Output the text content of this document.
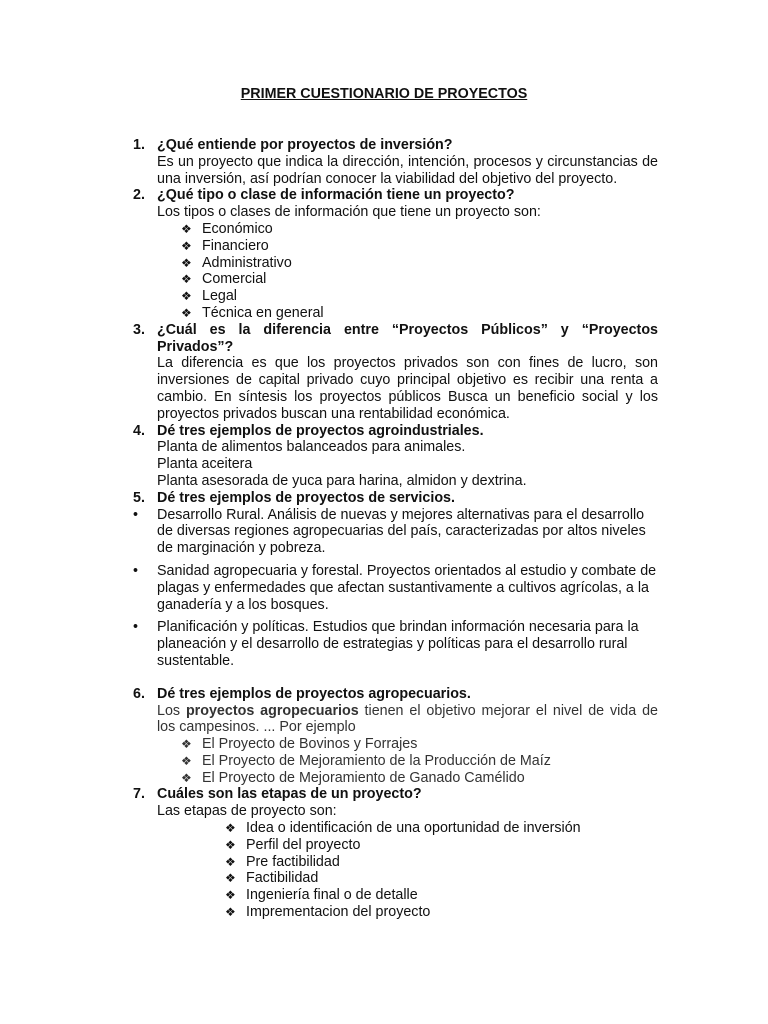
PRIMER CUESTIONARIO DE PROYECTOS
1. ¿Qué entiende por proyectos de inversión?
Es un proyecto que indica la dirección, intención, procesos y circunstancias de una inversión, así podrían conocer la viabilidad del objetivo del proyecto.
2. ¿Qué tipo o clase de información tiene un proyecto?
Los tipos o clases de información que tiene un proyecto son:
❖ Económico
❖ Financiero
❖ Administrativo
❖ Comercial
❖ Legal
❖ Técnica en general
3. ¿Cuál es la diferencia entre “Proyectos Públicos” y “Proyectos Privados”?
La diferencia es que los proyectos privados son con fines de lucro, son inversiones de capital privado cuyo principal objetivo es recibir una renta a cambio. En síntesis los proyectos públicos Busca un beneficio social y los proyectos privados buscan una rentabilidad económica.
4. Dé tres ejemplos de proyectos agroindustriales.
Planta de alimentos balanceados para animales.
Planta aceitera
Planta asesorada de yuca para harina, almidon y dextrina.
5. Dé tres ejemplos de proyectos de servicios.
• Desarrollo Rural. Análisis de nuevas y mejores alternativas para el desarrollo de diversas regiones agropecuarias del país, caracterizadas por altos niveles de marginación y pobreza.
• Sanidad agropecuaria y forestal. Proyectos orientados al estudio y combate de plagas y enfermedades que afectan sustantivamente a cultivos agrícolas, a la ganadería y a los bosques.
• Planificación y políticas. Estudios que brindan información necesaria para la planeación y el desarrollo de estrategias y políticas para el desarrollo rural sustentable.
6. Dé tres ejemplos de proyectos agropecuarios.
Los proyectos agropecuarios tienen el objetivo mejorar el nivel de vida de los campesinos. ... Por ejemplo
❖ El Proyecto de Bovinos y Forrajes
❖ El Proyecto de Mejoramiento de la Producción de Maíz
❖ El Proyecto de Mejoramiento de Ganado Camélido
7. Cuáles son las etapas de un proyecto?
Las etapas de proyecto son:
❖ Idea o identificación de una oportunidad de inversión
❖ Perfil del proyecto
❖ Pre factibilidad
❖ Factibilidad
❖ Ingeniería final o de detalle
❖ Imprementacion del proyecto
